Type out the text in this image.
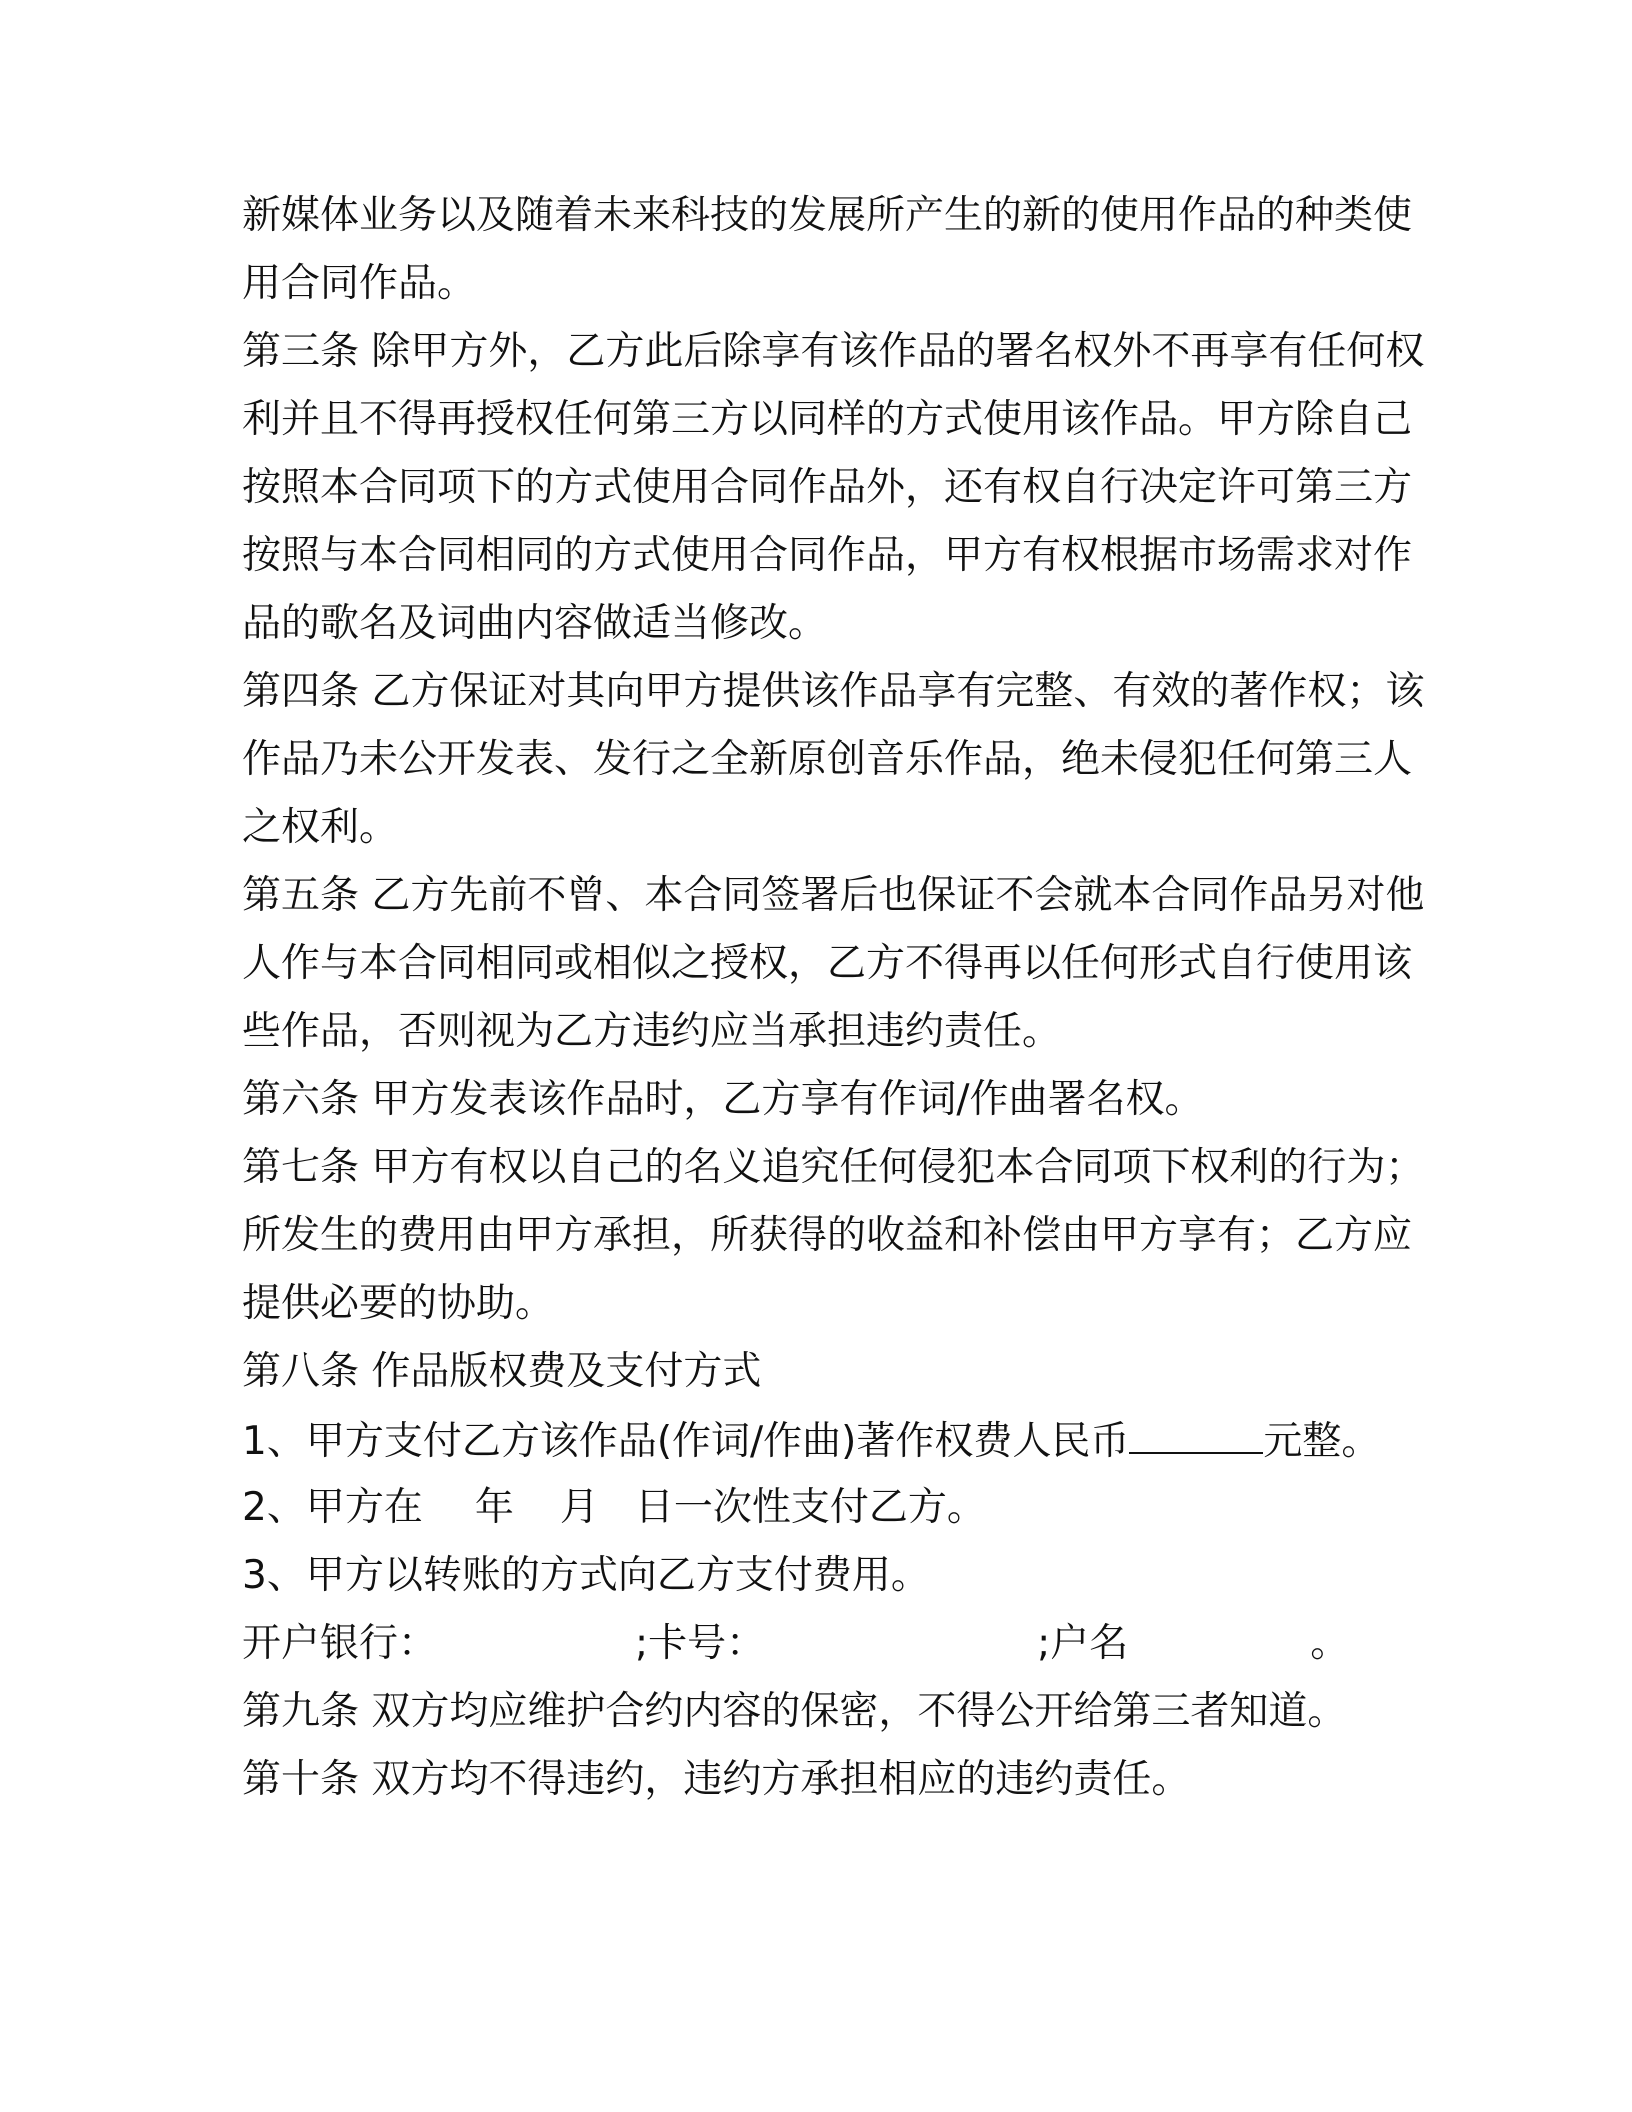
新媒体业务以及随着未来科技的发展所产生的新的使用作品的种类使
用合同作品。
第三条 除甲方外，乙方此后除享有该作品的署名权外不再享有任何权
利并且不得再授权任何第三方以同样的方式使用该作品。甲方除自己
按照本合同项下的方式使用合同作品外，还有权自行决定许可第三方
按照与本合同相同的方式使用合同作品，甲方有权根据市场需求对作
品的歌名及词曲内容做适当修改。
第四条 乙方保证对其向甲方提供该作品享有完整、有效的著作权；该
作品乃未公开发表、发行之全新原创音乐作品，绝未侵犯任何第三人
之权利。
第五条 乙方先前不曾、本合同签署后也保证不会就本合同作品另对他
人作与本合同相同或相似之授权，乙方不得再以任何形式自行使用该
些作品，否则视为乙方违约应当承担违约责任。
第六条 甲方发表该作品时，乙方享有作词/作曲署名权。
第七条 甲方有权以自己的名义追究任何侵犯本合同项下权利的行为；
所发生的费用由甲方承担，所获得的收益和补偿由甲方享有；乙方应
提供必要的协助。
第八条 作品版权费及支付方式
1、甲方支付乙方该作品(作词/作曲)著作权费人民币	元整。
2、甲方在 年 月 日一次性支付乙方。
3、甲方以转账的方式向乙方支付费用。
开户银行：	;卡号：	;户名	。
第九条 双方均应维护合约内容的保密，不得公开给第三者知道。
第十条 双方均不得违约，违约方承担相应的违约责任。
